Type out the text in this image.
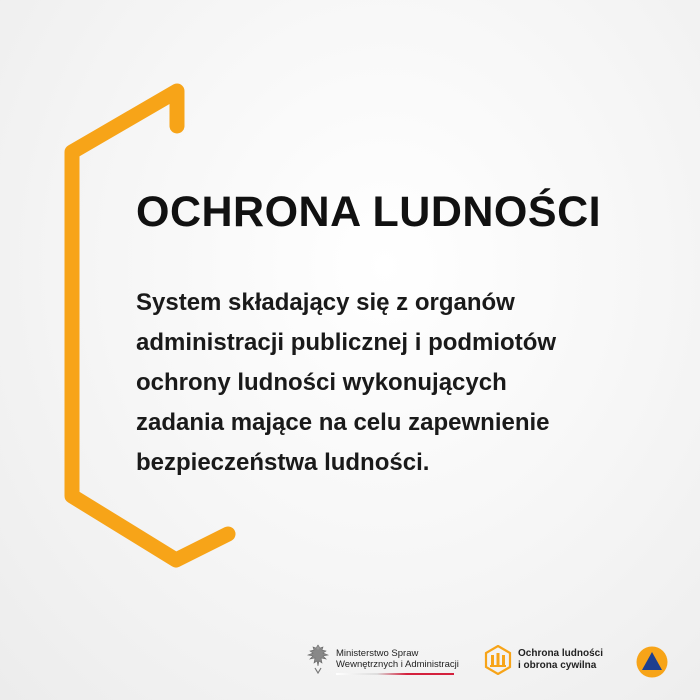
OCHRONA LUDNOŚCI
System składający się z organów
administracji publicznej i podmiotów
ochrony ludności wykonujących
zadania mające na celu zapewnienie
bezpieczeństwa ludności.
Ministerstwo Spraw
Wewnętrznych i Administracji
Ochrona ludności
i obrona cywilna
